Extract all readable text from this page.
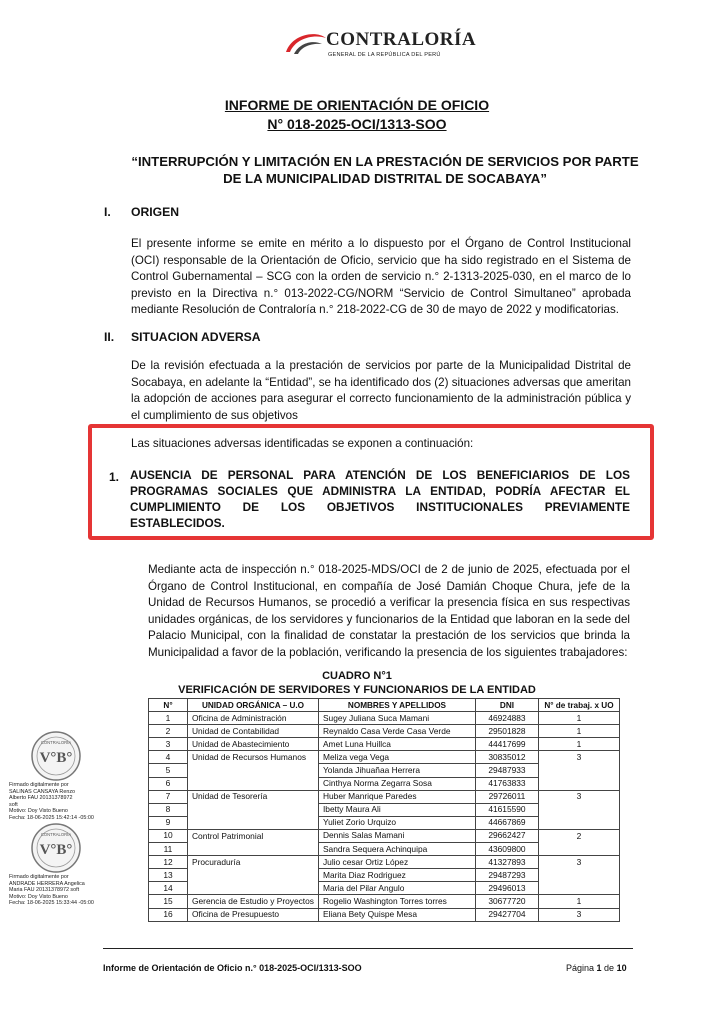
CONTRALORÍA
GENERAL DE LA REPÚBLICA DEL PERÚ
INFORME DE ORIENTACIÓN DE OFICIO
N° 018-2025-OCI/1313-SOO
“INTERRUPCIÓN Y LIMITACIÓN EN LA PRESTACIÓN DE SERVICIOS POR PARTE DE LA MUNICIPALIDAD DISTRITAL DE SOCABAYA”
I. ORIGEN
El presente informe se emite en mérito a lo dispuesto por el Órgano de Control Institucional (OCI) responsable de la Orientación de Oficio, servicio que ha sido registrado en el Sistema de Control Gubernamental – SCG con la orden de servicio n.° 2-1313-2025-030, en el marco de lo previsto en la Directiva n.° 013-2022-CG/NORM “Servicio de Control Simultaneo” aprobada mediante Resolución de Contraloría n.° 218-2022-CG de 30 de mayo de 2022 y modificatorias.
II. SITUACION ADVERSA
De la revisión efectuada a la prestación de servicios por parte de la Municipalidad Distrital de Socabaya, en adelante la “Entidad”, se ha identificado dos (2) situaciones adversas que ameritan la adopción de acciones para asegurar el correcto funcionamiento de la administración pública y el cumplimiento de sus objetivos
Las situaciones adversas identificadas se exponen a continuación:
1. AUSENCIA DE PERSONAL PARA ATENCIÓN DE LOS BENEFICIARIOS DE LOS PROGRAMAS SOCIALES QUE ADMINISTRA LA ENTIDAD, PODRÍA AFECTAR EL CUMPLIMIENTO DE LOS OBJETIVOS INSTITUCIONALES PREVIAMENTE ESTABLECIDOS.
Mediante acta de inspección n.° 018-2025-MDS/OCI de 2 de junio de 2025, efectuada por el Órgano de Control Institucional, en compañía de José Damián Choque Chura, jefe de la Unidad de Recursos Humanos, se procedió a verificar la presencia física en sus respectivas unidades orgánicas, de los servidores y funcionarios de la Entidad que laboran en la sede del Palacio Municipal, con la finalidad de constatar la prestación de los servicios que brinda la Municipalidad a favor de la población, verificando la presencia de los siguientes trabajadores:
CUADRO N°1
VERIFICACIÓN DE SERVIDORES Y FUNCIONARIOS DE LA ENTIDAD
N°	UNIDAD ORGÁNICA – U.O	NOMBRES Y APELLIDOS	DNI	N° de trabaj. x UO
1	Oficina de Administración	Sugey Juliana Suca Mamani	46924883	1
2	Unidad de Contabilidad	Reynaldo Casa Verde Casa Verde	29501828	1
3	Unidad de Abastecimiento	Amet Luna Huillca	44417699	1
4	Unidad de Recursos Humanos	Meliza vega Vega	30835012	3
5		Yolanda Jihuañaa Herrera	29487933	
6		Cinthya Norma Zegarra Sosa	41763833	
7	Unidad de Tesorería	Huber Manrique Paredes	29726011	3
8		Ibetty Maura Ali	41615590	
9		Yuliet Zorio Urquizo	44667869	
10	Control Patrimonial	Dennis Salas Mamani	29662427	2
11		Sandra Sequera Achinquipa	43609800	
12	Procuraduría	Julio cesar Ortiz López	41327893	3
13		Marita Diaz Rodriguez	29487293	
14		Maria del Pilar Angulo	29496013	
15	Gerencia de Estudio y Proyectos	Rogelio Washington Torres torres	30677720	1
16	Oficina de Presupuesto	Eliana Bety Quispe Mesa	29427704	3
CONTRALORÍA
V°B°
Firmado digitalmente por
SALINAS CANSAYA Renzo
Alberto FAU 20131378972
soft
Motivo: Doy Visto Bueno
Fecha: 18-06-2025 15:42:14 -05:00
CONTRALORÍA
V°B°
Firmado digitalmente por
ANDRADE HERRERA Angelica
Maria FAU 20131378972 soft
Motivo: Doy Visto Bueno
Fecha: 18-06-2025 15:33:44 -05:00
Informe de Orientación de Oficio n.° 018-2025-OCI/1313-SOO	Página 1 de 10
